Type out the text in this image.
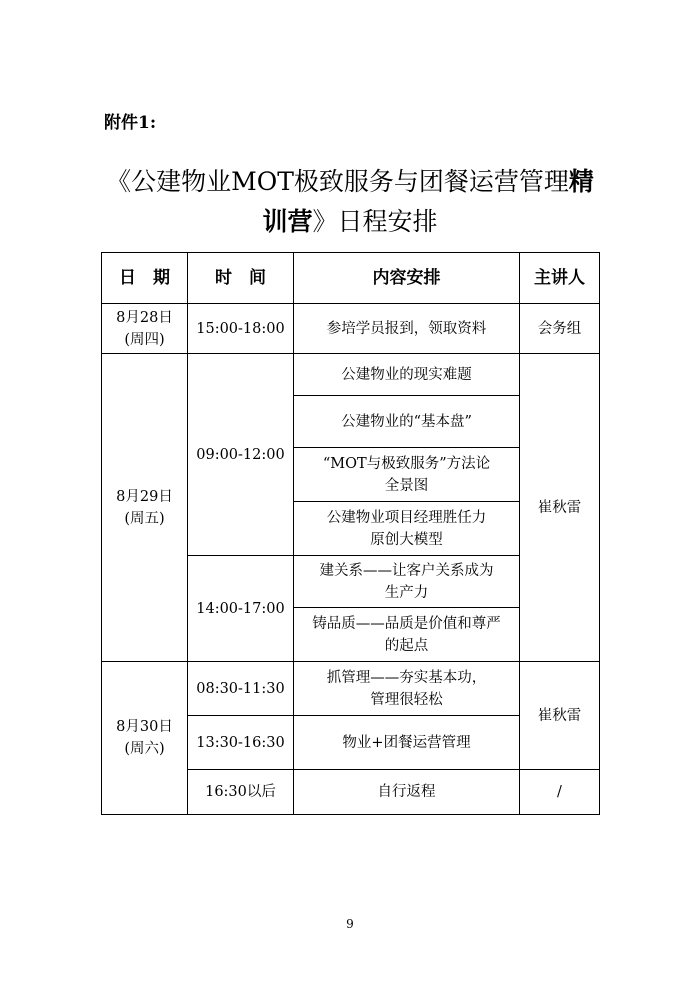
附件1:
《公建物业MOT极致服务与团餐运营管理精
训营》日程安排
日　期	时　间	内容安排	主讲人

8月28日
(周四)	15:00-18:00	参培学员报到，领取资料	会务组

8月29日
(周五)	09:00-12:00	公建物业的现实难题	崔秋雷

		公建物业的“基本盘”	

		“MOT与极致服务”方法论
全景图	

		公建物业项目经理胜任力
原创大模型	

	14:00-17:00	建关系——让客户关系成为
生产力	

		铸品质——品质是价值和尊严
的起点	

8月30日
(周六)	08:30-11:30	抓管理——夯实基本功，
管理很轻松	崔秋雷
	13:30-16:30	物业+团餐运营管理	
	16:30以后	自行返程	/
9
